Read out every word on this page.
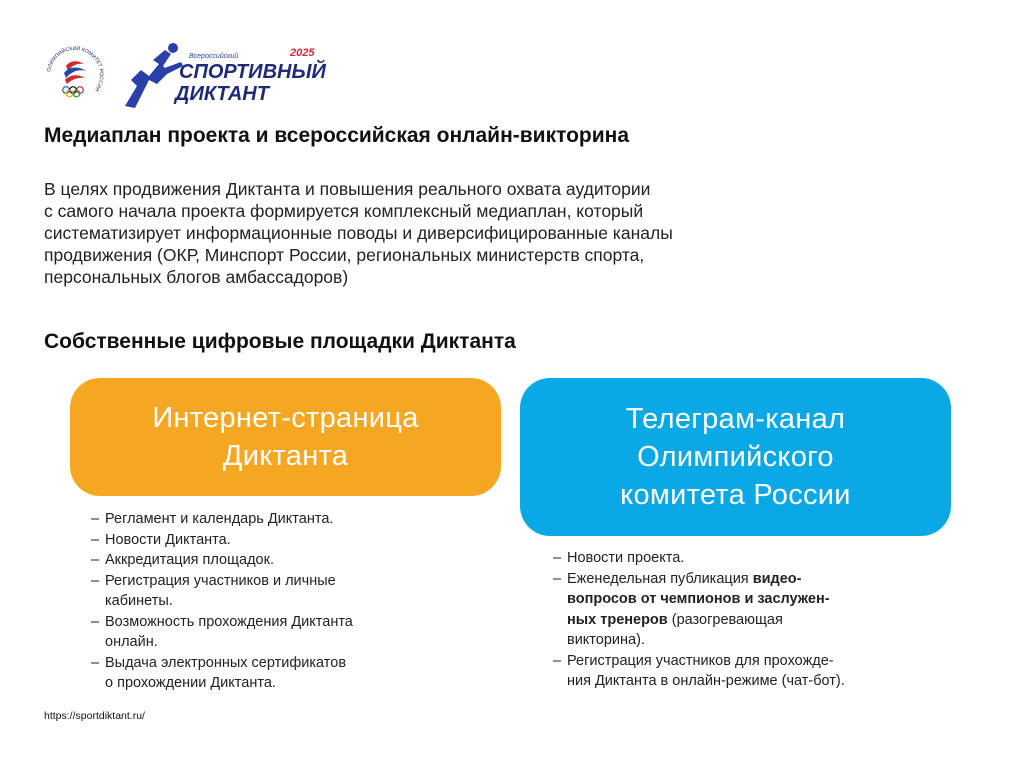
ОЛИМПИЙСКИЙ КОМИТЕТ РОССИИ
Всероссийский	2025
СПОРТИВНЫЙ
ДИКТАНТ
Медиаплан проекта и всероссийская онлайн-викторина

В целях продвижения Диктанта и повышения реального охвата аудитории
с самого начала проекта формируется комплексный медиаплан, который
систематизирует информационные поводы и диверсифицированные каналы
продвижения (ОКР, Минспорт России, региональных министерств спорта,
персональных блогов амбассадоров)

Собственные цифровые площадки Диктанта
Интернет-страница
Диктанта
– Регламент и календарь Диктанта.
– Новости Диктанта.
– Аккредитация площадок.
– Регистрация участников и личные
кабинеты.
– Возможность прохождения Диктанта
онлайн.
– Выдача электронных сертификатов
о прохождении Диктанта.
Телеграм-канал
Олимпийского
комитета России
– Новости проекта.
– Еженедельная публикация видео-
вопросов от чемпионов и заслужен-
ных тренеров (разогревающая
викторина).
– Регистрация участников для прохожде-
ния Диктанта в онлайн-режиме (чат-бот).
https://sportdiktant.ru/
